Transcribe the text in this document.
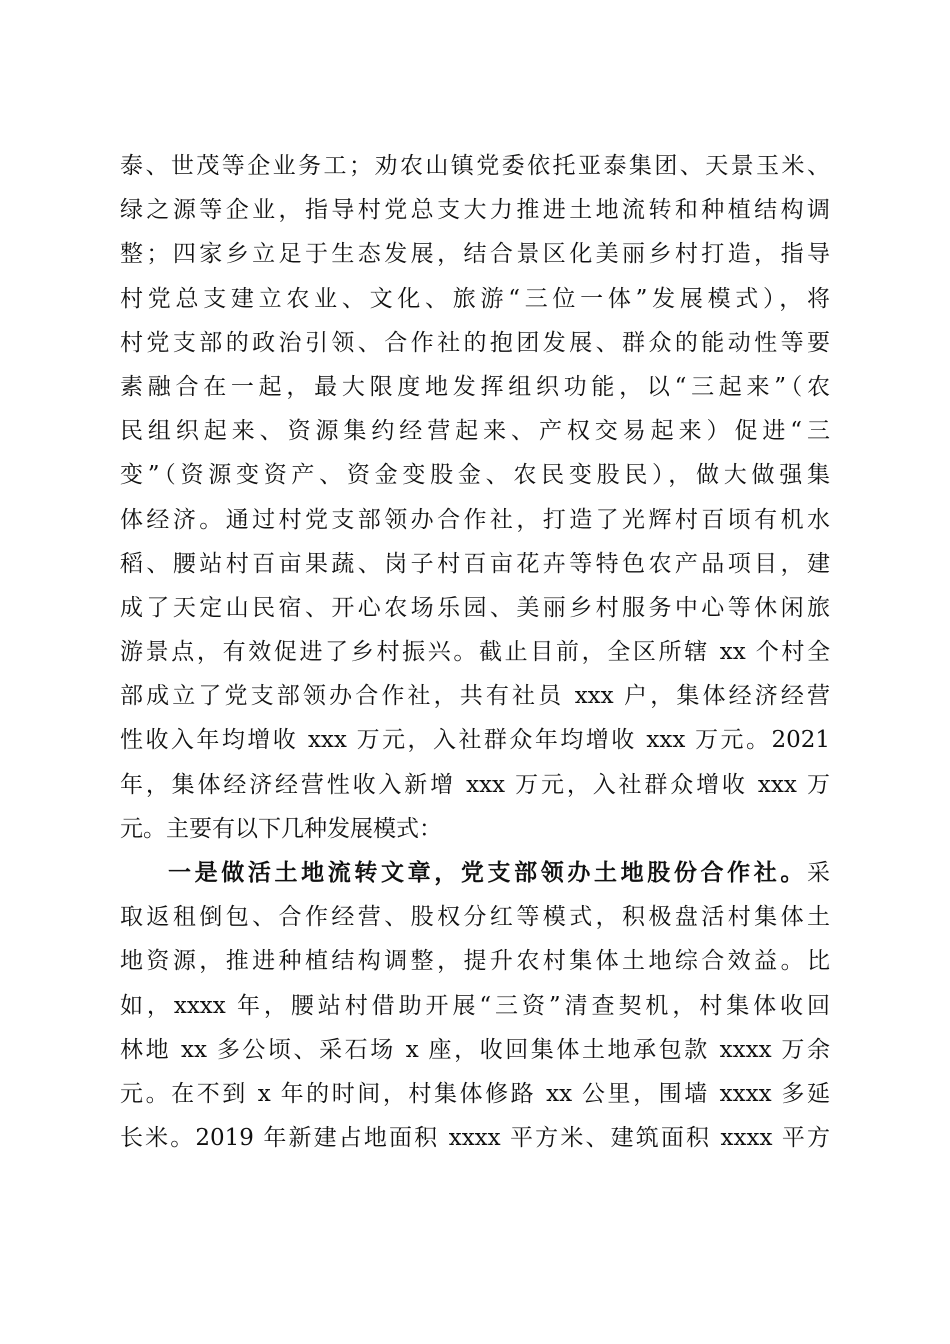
泰、世茂等企业务工；劝农山镇党委依托亚泰集团、天景玉米、
绿之源等企业，指导村党总支大力推进土地流转和种植结构调
整；四家乡立足于生态发展，结合景区化美丽乡村打造，指导
村党总支建立农业、文化、旅游“三位一体”发展模式），将
村党支部的政治引领、合作社的抱团发展、群众的能动性等要
素融合在一起，最大限度地发挥组织功能，以“三起来”（农
民组织起来、资源集约经营起来、产权交易起来）促进“三
变”（资源变资产、资金变股金、农民变股民），做大做强集
体经济。通过村党支部领办合作社，打造了光辉村百顷有机水
稻、腰站村百亩果蔬、岗子村百亩花卉等特色农产品项目，建
成了天定山民宿、开心农场乐园、美丽乡村服务中心等休闲旅
游景点，有效促进了乡村振兴。截止目前，全区所辖 xx 个村全
部成立了党支部领办合作社，共有社员 xxx 户，集体经济经营
性收入年均增收 xxx 万元，入社群众年均增收 xxx 万元。2021
年，集体经济经营性收入新增 xxx 万元，入社群众增收 xxx 万
元。主要有以下几种发展模式：
一是做活土地流转文章，党支部领办土地股份合作社。采
取返租倒包、合作经营、股权分红等模式，积极盘活村集体土
地资源，推进种植结构调整，提升农村集体土地综合效益。比
如，xxxx 年，腰站村借助开展“三资”清查契机，村集体收回
林地 xx 多公顷、采石场 x 座，收回集体土地承包款 xxxx 万余
元。在不到 x 年的时间，村集体修路 xx 公里，围墙 xxxx 多延
长米。2019 年新建占地面积 xxxx 平方米、建筑面积 xxxx 平方
